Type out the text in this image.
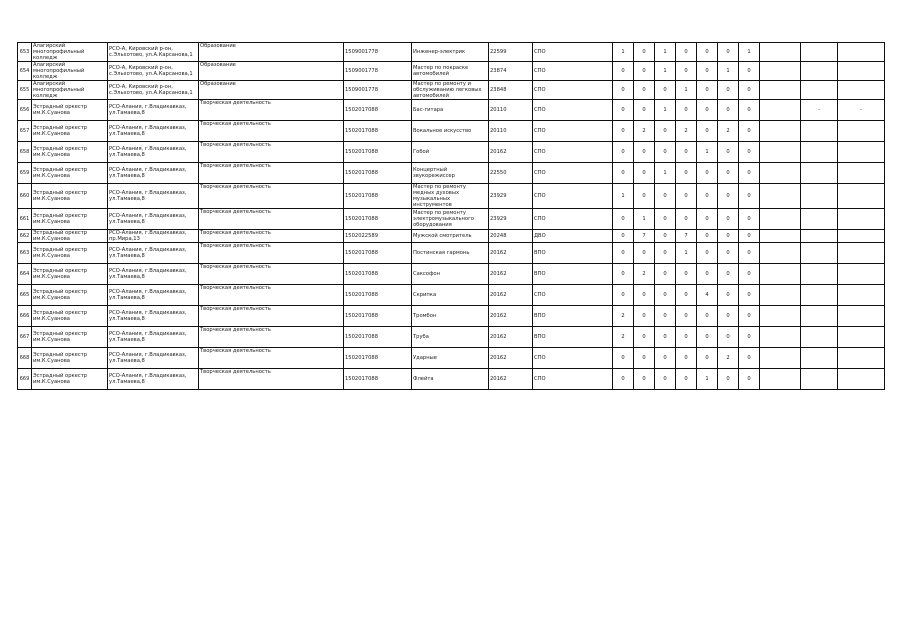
653	Алагирский многопрофильный колледж	РСО-А, Кировский р-он, с.Эльхотово, ул.А.Карсанова,1	Образование	1509001778	Инженер-электрик	22599	СПО	1	0	1	0	0	0	1			
654	Алагирский многопрофильный колледж	РСО-А, Кировский р-он, с.Эльхотово, ул.А.Карсанова,1	Образование	1509001778	Мастер по покраске автомобилей	23874	СПО	0	0	1	0	0	1	0			
655	Алагирский многопрофильный колледж	РСО-А, Кировский р-он, с.Эльхотово, ул.А.Карсанова,1	Образование	1509001778	Мастер по ремонту и обслуживанию легковых автомобилей	23848	СПО	0	0	0	1	0	0	0			
656	Эстрадный оркестр им.К.Суанова	РСО-Алания, г.Владикавказ, ул.Тамаева,8	Творческая деятельность	1502017088	Бас-гитара	20110	СПО	0	0	1	0	0	0	0		-	-
657	Эстрадный оркестр им.К.Суанова	РСО-Алания, г.Владикавказ, ул.Тамаева,8	Творческая деятельность	1502017088	Вокальное искусство	20110	СПО	0	2	0	2	0	2	0			
658	Эстрадный оркестр им.К.Суанова	РСО-Алания, г.Владикавказ, ул.Тамаева,8	Творческая деятельность	1502017088	Гобой	20162	СПО	0	0	0	0	1	0	0			
659	Эстрадный оркестр им.К.Суанова	РСО-Алания, г.Владикавказ, ул.Тамаева,8	Творческая деятельность	1502017088	Концертный звукорежиссер	22550	СПО	0	0	1	0	0	0	0			
660	Эстрадный оркестр им.К.Суанова	РСО-Алания, г.Владикавказ, ул.Тамаева,8	Творческая деятельность	1502017088	Мастер по ремонту медных духовых музыкальных инструментов	23929	СПО	1	0	0	0	0	0	0			
661	Эстрадный оркестр им.К.Суанова	РСО-Алания, г.Владикавказ, ул.Тамаева,8	Творческая деятельность	1502017088	Мастер по ремонту электромузыкального оборудования	23929	СПО	0	1	0	0	0	0	0			
662	Эстрадный оркестр им.К.Суанова	РСО-Алания, г.Владикавказ, пр.Мира,13	Творческая деятельность	1502022589	Мужской смотритель	20248	ДВО	0	7	0	7	0	0	0			
663	Эстрадный оркестр им.К.Суанова	РСО-Алания, г.Владикавказ, ул.Тамаева,8	Творческая деятельность	1502017088	Постинская гармонь	20162	ВПО	0	0	0	1	0	0	0			
664	Эстрадный оркестр им.К.Суанова	РСО-Алания, г.Владикавказ, ул.Тамаева,8	Творческая деятельность	1502017088	Саксофон	20162	ВПО	0	2	0	0	0	0	0			
665	Эстрадный оркестр им.К.Суанова	РСО-Алания, г.Владикавказ, ул.Тамаева,8	Творческая деятельность	1502017088	Скрипка	20162	СПО	0	0	0	0	4	0	0			
666	Эстрадный оркестр им.К.Суанова	РСО-Алания, г.Владикавказ, ул.Тамаева,8	Творческая деятельность	1502017088	Тромбон	20162	ВПО	2	0	0	0	0	0	0			
667	Эстрадный оркестр им.К.Суанова	РСО-Алания, г.Владикавказ, ул.Тамаева,8	Творческая деятельность	1502017088	Труба	20162	ВПО	2	0	0	0	0	0	0			
668	Эстрадный оркестр им.К.Суанова	РСО-Алания, г.Владикавказ, ул.Тамаева,8	Творческая деятельность	1502017088	Ударные	20162	СПО	0	0	0	0	0	2	0			
669	Эстрадный оркестр им.К.Суанова	РСО-Алания, г.Владикавказ, ул.Тамаева,8	Творческая деятельность	1502017088	Флейта	20162	СПО	0	0	0	0	1	0	0			
